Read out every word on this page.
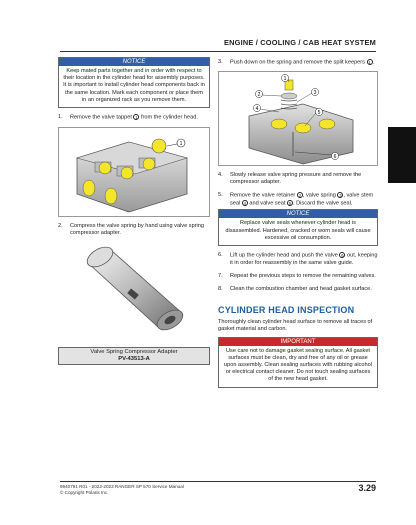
ENGINE / COOLING / CAB HEAT SYSTEM
NOTICE
Keep mated parts together and in order with respect to their location in the cylinder head for assembly purposes. It is important to install cylinder head components back in the same location. Mark each component or place them in an organized rack as you remove them.
1.	Remove the valve tappet 1 from the cylinder head.
1
2.	Compress the valve spring by hand using valve spring compressor adapter.
Valve Spring Compressor Adapter
PV-43513-A
3.	Push down on the spring and remove the split keepers 1 .
1
2	3
4
5
6
4.	Slowly release valve spring pressure and remove the compressor adapter.
5.	Remove the valve retainer 2 , valve spring 3 , valve stem seal 4 and valve seat 5 . Discard the valve seal.
NOTICE
Replace valve seals whenever cylinder head is disassembled. Hardened, cracked or worn seals will cause excessive oil consumption.
6.	Lift up the cylinder head and push the valve 6 out, keeping it in order for reassembly in the same valve guide.
7.	Repeat the previous steps to remove the remaining valves.
8.	Clean the combustion chamber and head gasket surface.
CYLINDER HEAD INSPECTION
Thoroughly clean cylinder head surface to remove all traces of gasket material and carbon.
IMPORTANT
Use care not to damage gasket sealing surface. All gasket surfaces must be clean, dry and free of any oil or grease upon assembly. Clean sealing surfaces with rubbing alcohol or electrical contact cleaner. Do not touch sealing surfaces of the new head gasket.
9940791 R01 - 2022-2023 RANGER SP 570 Service Manual
© Copyright Polaris Inc.	3.29
